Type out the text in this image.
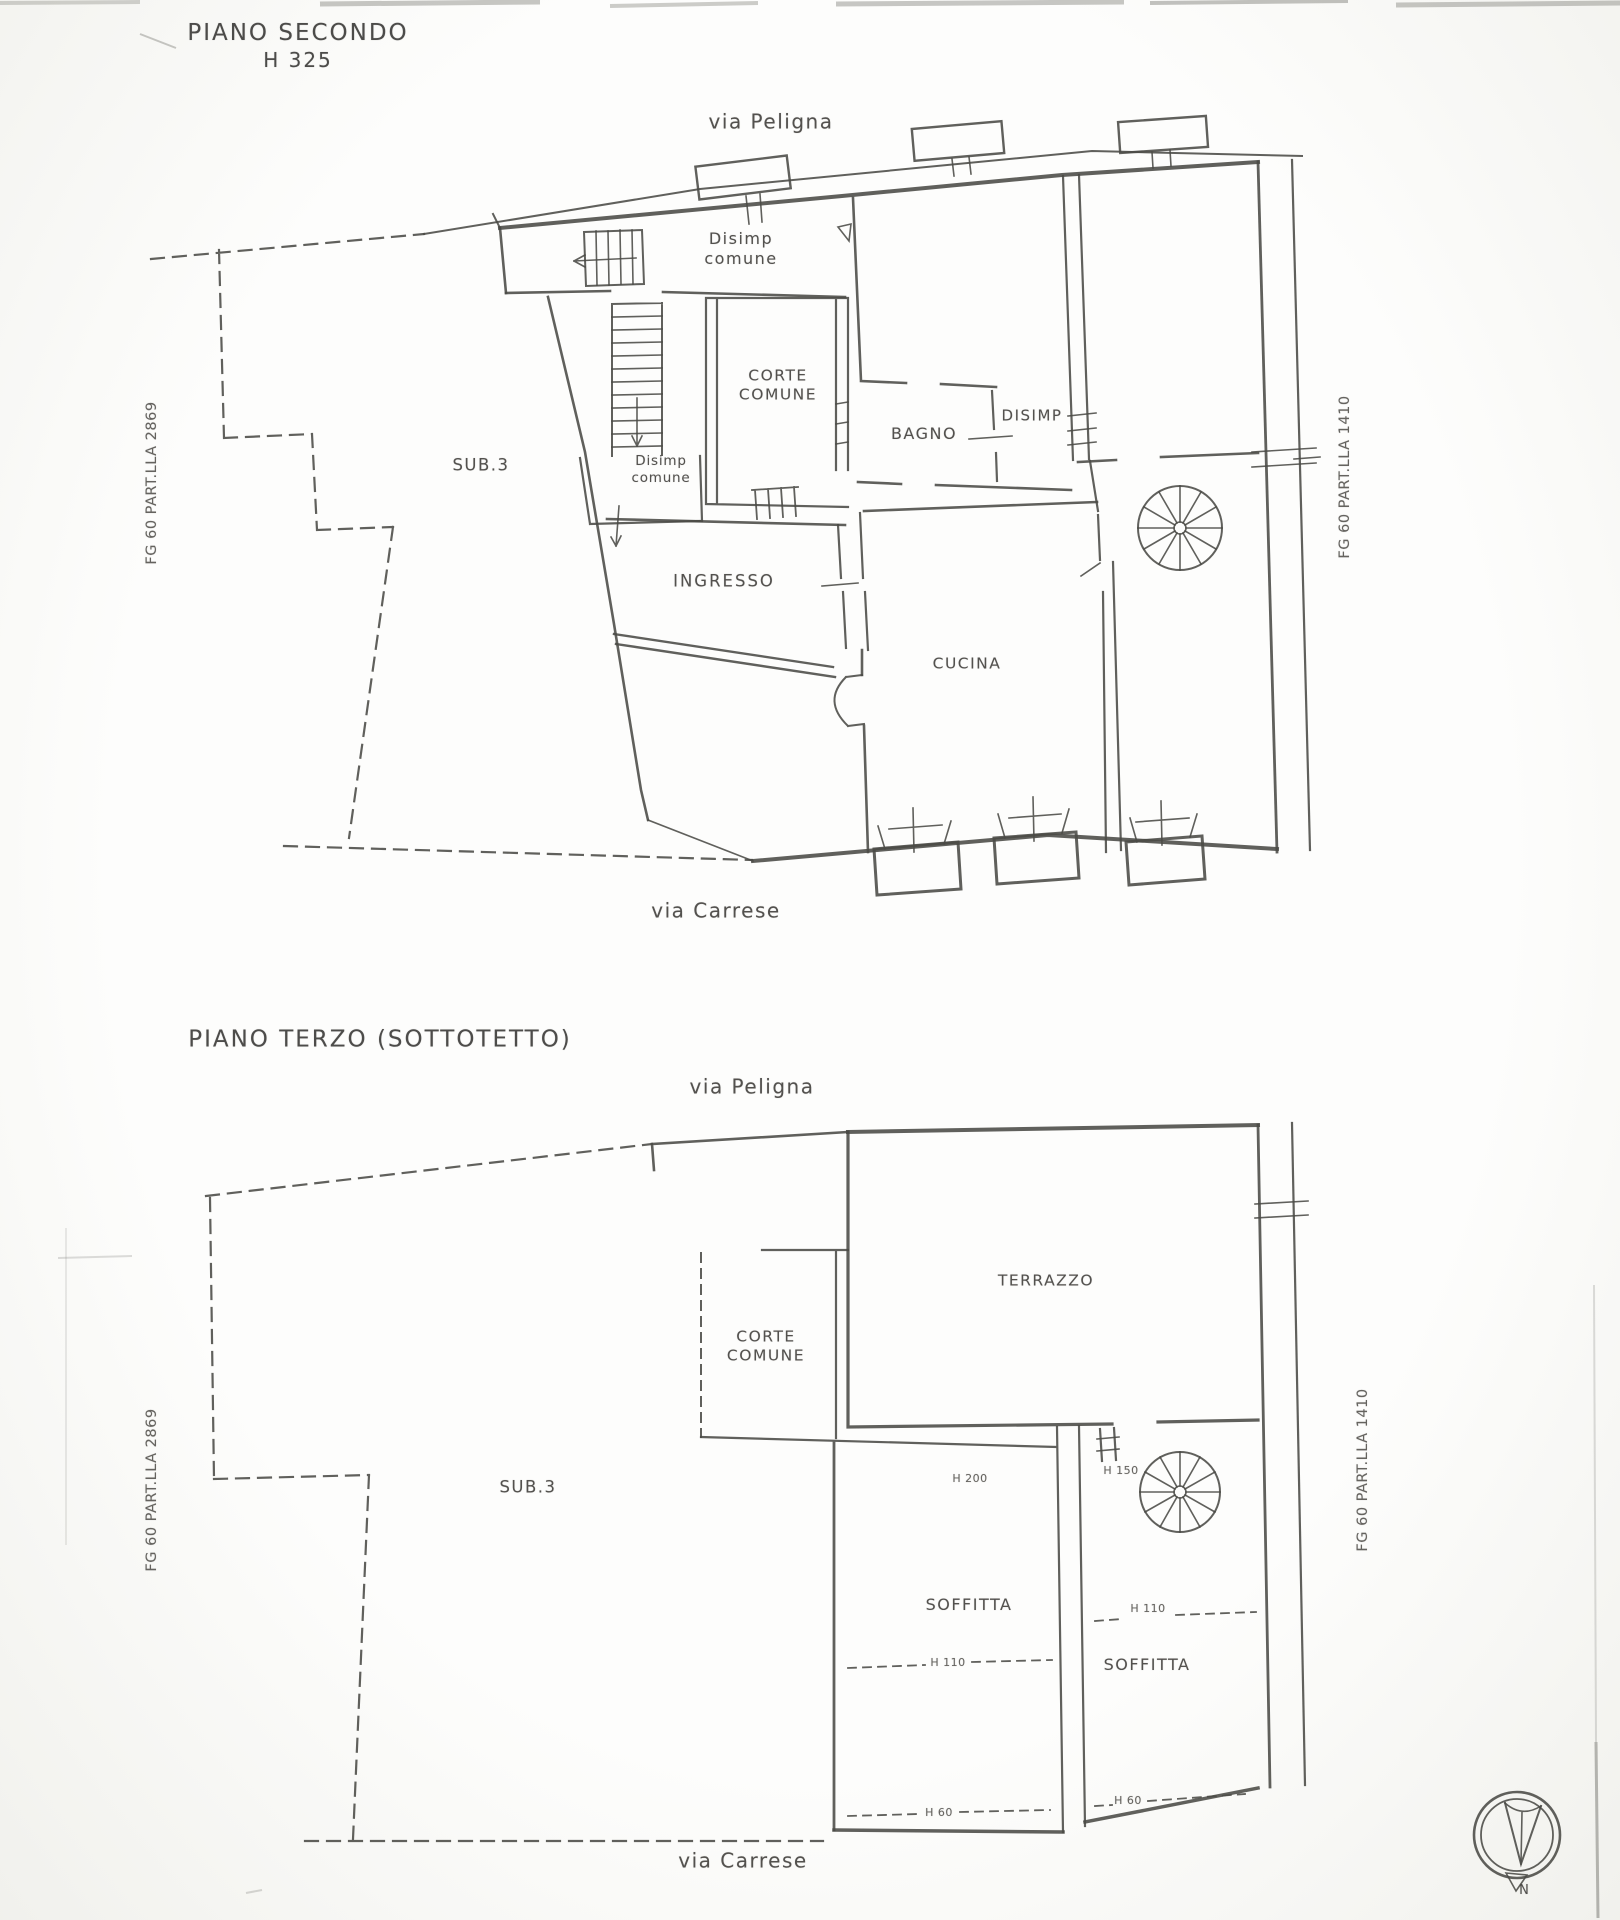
PIANO SECONDO
H 325
via Peligna
FG 60 PART.LLA 2869	FG 60 PART.LLA 1410
Disimp
comune
CORTE
COMUNE
BAGNO
DISIMP
SUB.3	Disimp
comune
INGRESSO
CUCINA
via Carrese
PIANO TERZO (SOTTOTETTO)
via Peligna
FG 60 PART.LLA 2869	FG 60 PART.LLA 1410
TERRAZZO
CORTE
COMUNE
SUB.3
SOFFITTA
SOFFITTA
H 200
H 150
H 110
H 110
H 60
H 60
via Carrese
N
